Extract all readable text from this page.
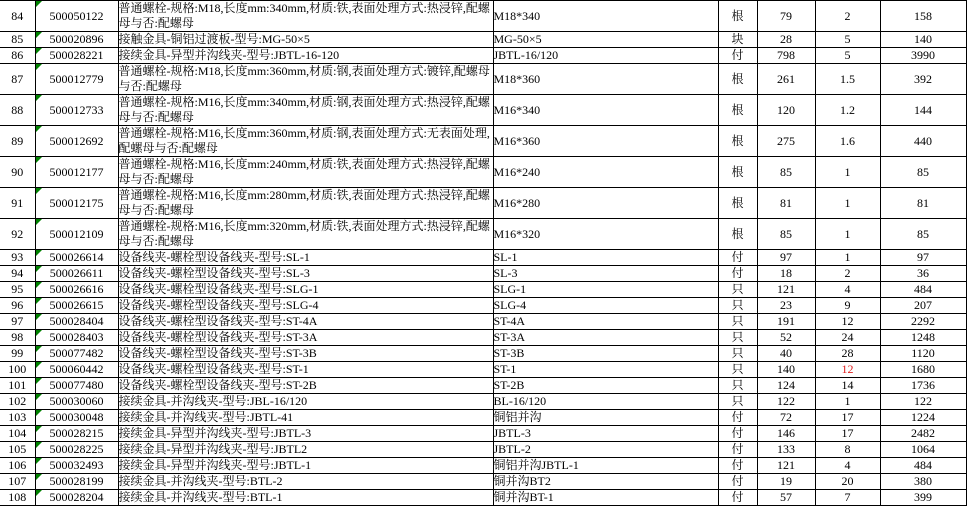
84	500050122	普通螺栓-规格:M18,长度mm:340mm,材质:铁,表面处理方式:热浸锌,配螺母与否:配螺母	M18*340	根	79	2	158
85	500020896	接触金具-铜铝过渡板-型号:MG-50×5	MG-50×5	块	28	5	140
86	500028221	接续金具-异型并沟线夹-型号:JBTL-16-120	JBTL-16/120	付	798	5	3990
87	500012779	普通螺栓-规格:M18,长度mm:360mm,材质:钢,表面处理方式:镀锌,配螺母与否:配螺母	M18*360	根	261	1.5	392
88	500012733	普通螺栓-规格:M16,长度mm:340mm,材质:钢,表面处理方式:热浸锌,配螺母与否:配螺母	M16*340	根	120	1.2	144
89	500012692	普通螺栓-规格:M16,长度mm:360mm,材质:钢,表面处理方式:无表面处理,配螺母与否:配螺母	M16*360	根	275	1.6	440
90	500012177	普通螺栓-规格:M16,长度mm:240mm,材质:铁,表面处理方式:热浸锌,配螺母与否:配螺母	M16*240	根	85	1	85
91	500012175	普通螺栓-规格:M16,长度mm:280mm,材质:铁,表面处理方式:热浸锌,配螺母与否:配螺母	M16*280	根	81	1	81
92	500012109	普通螺栓-规格:M16,长度mm:320mm,材质:铁,表面处理方式:热浸锌,配螺母与否:配螺母	M16*320	根	85	1	85
93	500026614	设备线夹-螺栓型设备线夹-型号:SL-1	SL-1	付	97	1	97
94	500026611	设备线夹-螺栓型设备线夹-型号:SL-3	SL-3	付	18	2	36
95	500026616	设备线夹-螺栓型设备线夹-型号:SLG-1	SLG-1	只	121	4	484
96	500026615	设备线夹-螺栓型设备线夹-型号:SLG-4	SLG-4	只	23	9	207
97	500028404	设备线夹-螺栓型设备线夹-型号:ST-4A	ST-4A	只	191	12	2292
98	500028403	设备线夹-螺栓型设备线夹-型号:ST-3A	ST-3A	只	52	24	1248
99	500077482	设备线夹-螺栓型设备线夹-型号:ST-3B	ST-3B	只	40	28	1120
100	500060442	设备线夹-螺栓型设备线夹-型号:ST-1	ST-1	只	140	12	1680
101	500077480	设备线夹-螺栓型设备线夹-型号:ST-2B	ST-2B	只	124	14	1736
102	500030060	接续金具-并沟线夹-型号:JBL-16/120	BL-16/120	只	122	1	122
103	500030048	接续金具-并沟线夹-型号:JBTL-41	铜铝并沟	付	72	17	1224
104	500028215	接续金具-异型并沟线夹-型号:JBTL-3	JBTL-3	付	146	17	2482
105	500028225	接续金具-异型并沟线夹-型号:JBTL2	JBTL-2	付	133	8	1064
106	500032493	接续金具-异型并沟线夹-型号:JBTL-1	铜铝并沟JBTL-1	付	121	4	484
107	500028199	接续金具-并沟线夹-型号:BTL-2	铜并沟BT2	付	19	20	380
108	500028204	接续金具-并沟线夹-型号:BTL-1	铜并沟BT-1	付	57	7	399
